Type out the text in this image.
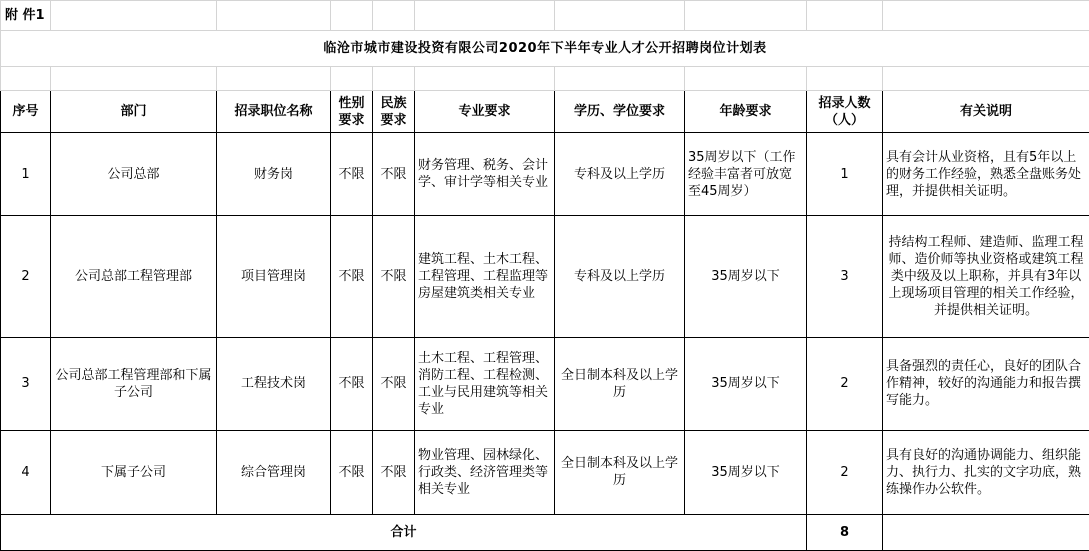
附 件1									
临沧市城市建设投资有限公司2020年下半年专业人才公开招聘岗位计划表									

序号	部门	招录职位名称	性别要求	民族要求	专业要求	学历、学位要求	年龄要求	招录人数（人）	有关说明
1	公司总部	财务岗	不限	不限	财务管理、税务、会计学、审计学等相关专业	专科及以上学历	35周岁以下（工作经验丰富者可放宽至45周岁）	1	具有会计从业资格，且有5年以上的财务工作经验，熟悉全盘账务处理，并提供相关证明。
2	公司总部工程管理部	项目管理岗	不限	不限	建筑工程、土木工程、工程管理、工程监理等房屋建筑类相关专业	专科及以上学历	35周岁以下	3	持结构工程师、建造师、监理工程师、造价师等执业资格或建筑工程类中级及以上职称，并具有3年以上现场项目管理的相关工作经验，并提供相关证明。
3	公司总部工程管理部和下属子公司	工程技术岗	不限	不限	土木工程、工程管理、消防工程、工程检测、工业与民用建筑等相关专业	全日制本科及以上学历	35周岁以下	2	具备强烈的责任心，良好的团队合作精神，较好的沟通能力和报告撰写能力。
4	下属子公司	综合管理岗	不限	不限	物业管理、园林绿化、行政类、经济管理类等相关专业	全日制本科及以上学历	35周岁以下	2	具有良好的沟通协调能力、组织能力、执行力、扎实的文字功底，熟练操作办公软件。
合计								8	
